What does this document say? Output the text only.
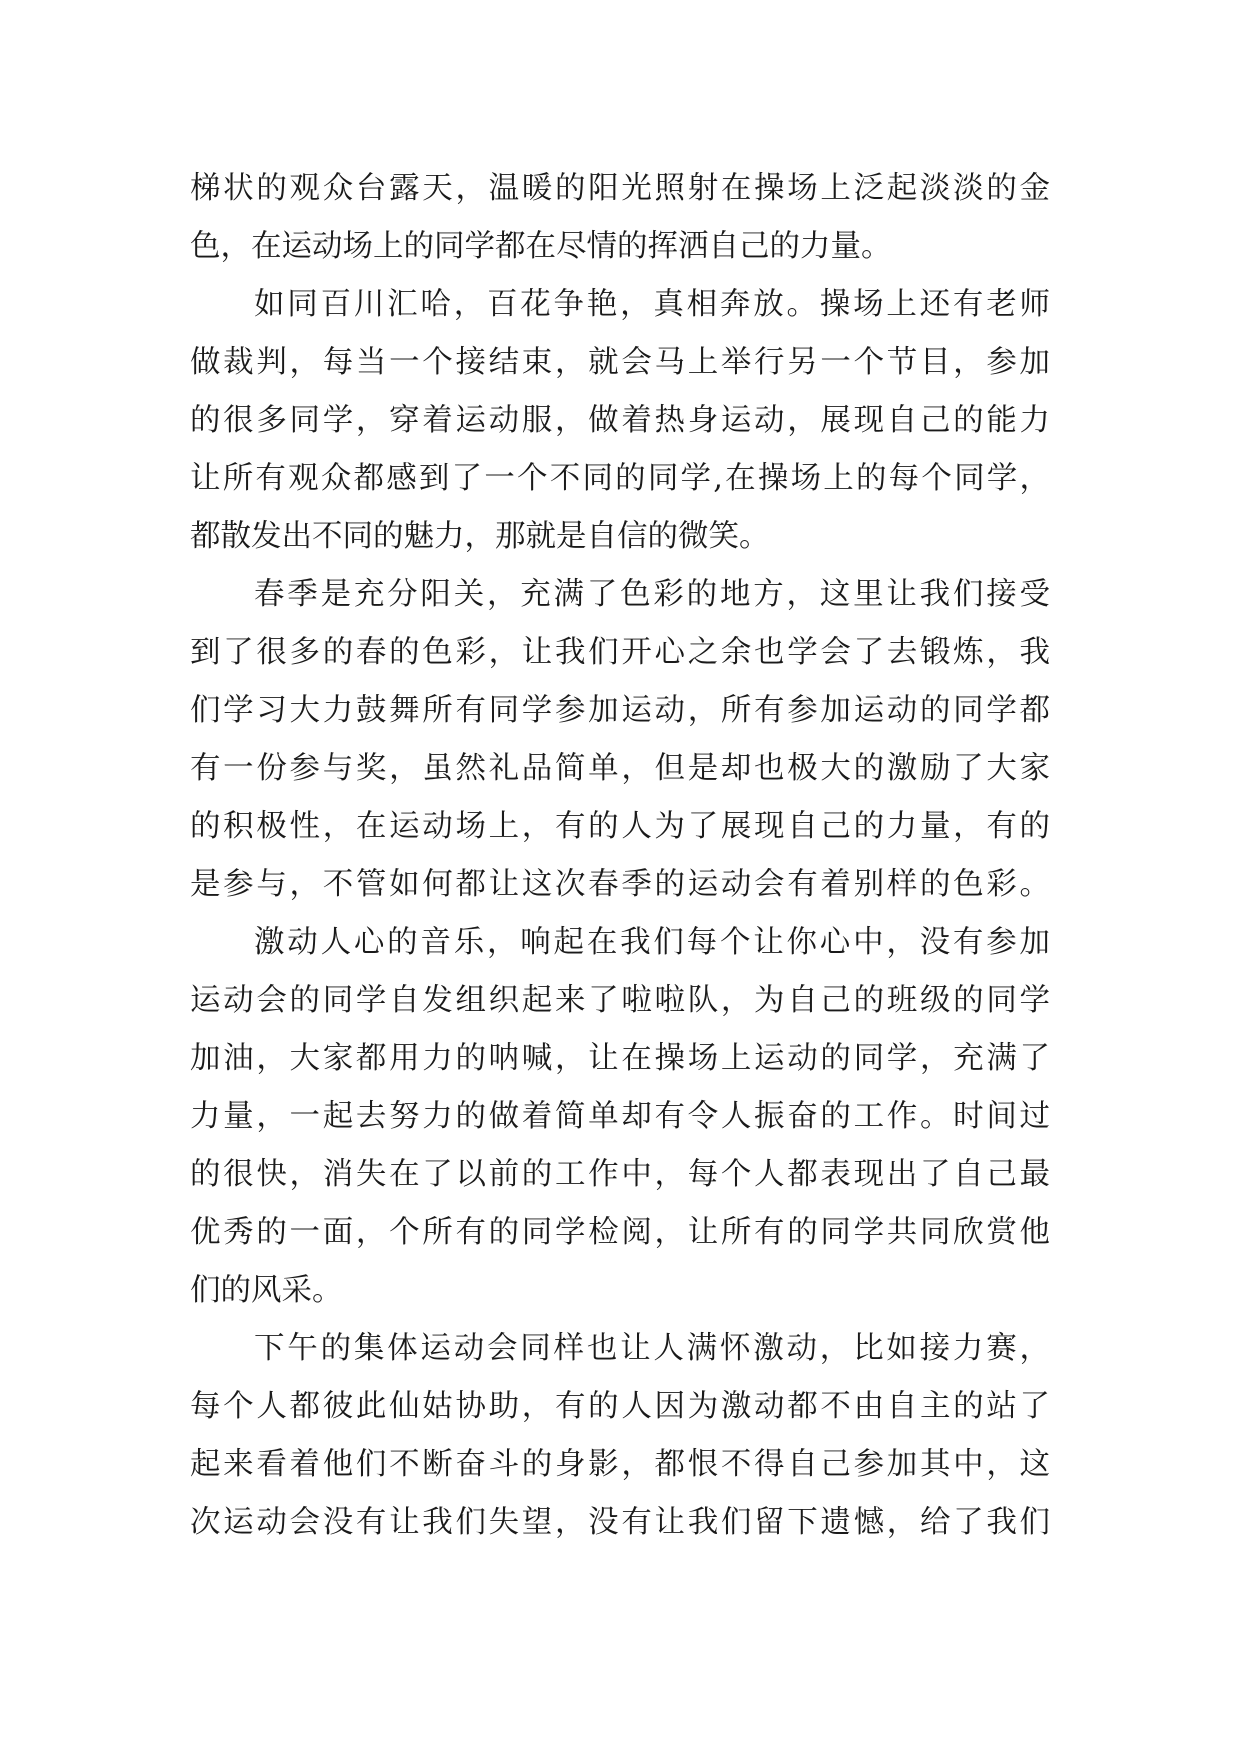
梯状的观众台露天，温暖的阳光照射在操场上泛起淡淡的金
色，在运动场上的同学都在尽情的挥洒自己的力量。
如同百川汇哈，百花争艳，真相奔放。操场上还有老师
做裁判，每当一个接结束，就会马上举行另一个节目，参加
的很多同学，穿着运动服，做着热身运动，展现自己的能力
让所有观众都感到了一个不同的同学,在操场上的每个同学，
都散发出不同的魅力，那就是自信的微笑。
春季是充分阳关，充满了色彩的地方，这里让我们接受
到了很多的春的色彩，让我们开心之余也学会了去锻炼，我
们学习大力鼓舞所有同学参加运动，所有参加运动的同学都
有一份参与奖，虽然礼品简单，但是却也极大的激励了大家
的积极性，在运动场上，有的人为了展现自己的力量，有的
是参与，不管如何都让这次春季的运动会有着别样的色彩。
激动人心的音乐，响起在我们每个让你心中，没有参加
运动会的同学自发组织起来了啦啦队，为自己的班级的同学
加油，大家都用力的呐喊，让在操场上运动的同学，充满了
力量，一起去努力的做着简单却有令人振奋的工作。时间过
的很快，消失在了以前的工作中，每个人都表现出了自己最
优秀的一面，个所有的同学检阅，让所有的同学共同欣赏他
们的风采。
下午的集体运动会同样也让人满怀激动，比如接力赛，
每个人都彼此仙姑协助，有的人因为激动都不由自主的站了
起来看着他们不断奋斗的身影，都恨不得自己参加其中，这
次运动会没有让我们失望，没有让我们留下遗憾，给了我们
